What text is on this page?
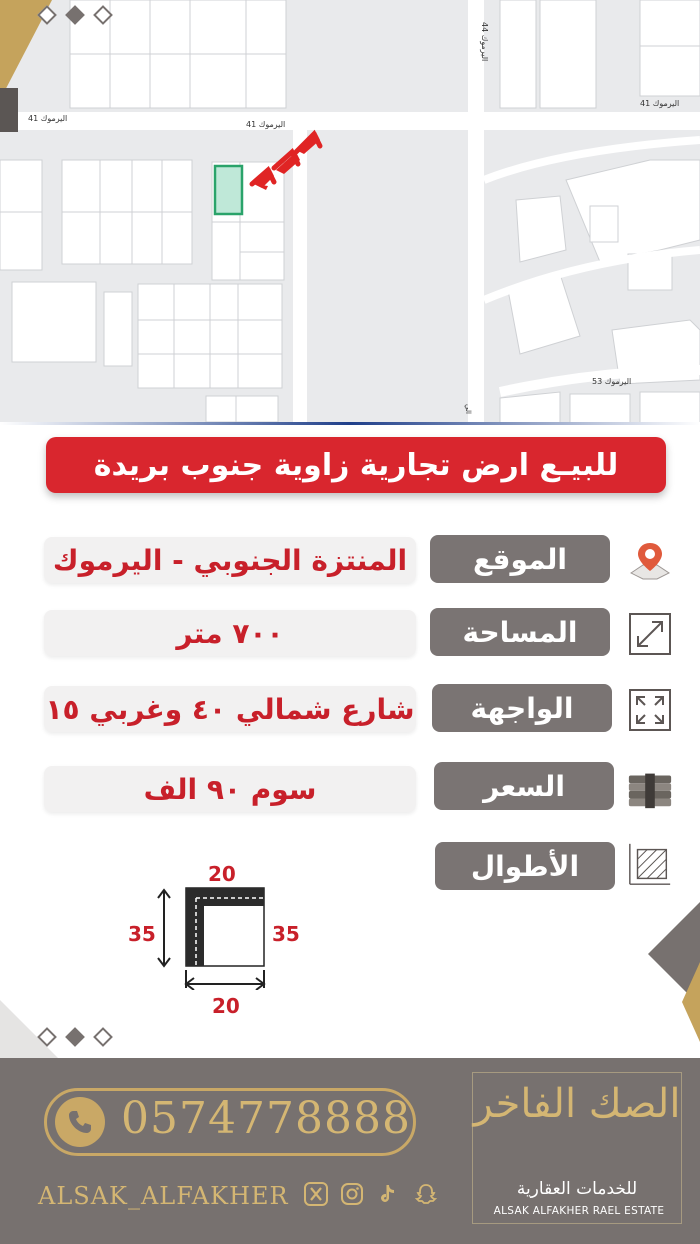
اليرموك 41
اليرموك 41
اليرموك 41
اليرموك 44
اليرموك 53
الي
للبيـع ارض تجارية زاوية جنوب بريدة
الموقع
المنتزة الجنوبي - اليرموك
المساحة
٧٠٠ متر
الواجهة
شارع شمالي ٤٠ وغربي ١٥
السعر
سوم ٩٠ الف
الأطوال
20
35	35
20
0574778888
ALSAK_ALFAKHER
الصك الفاخر
للخدمات العقارية
ALSAK ALFAKHER RAEL ESTATE
